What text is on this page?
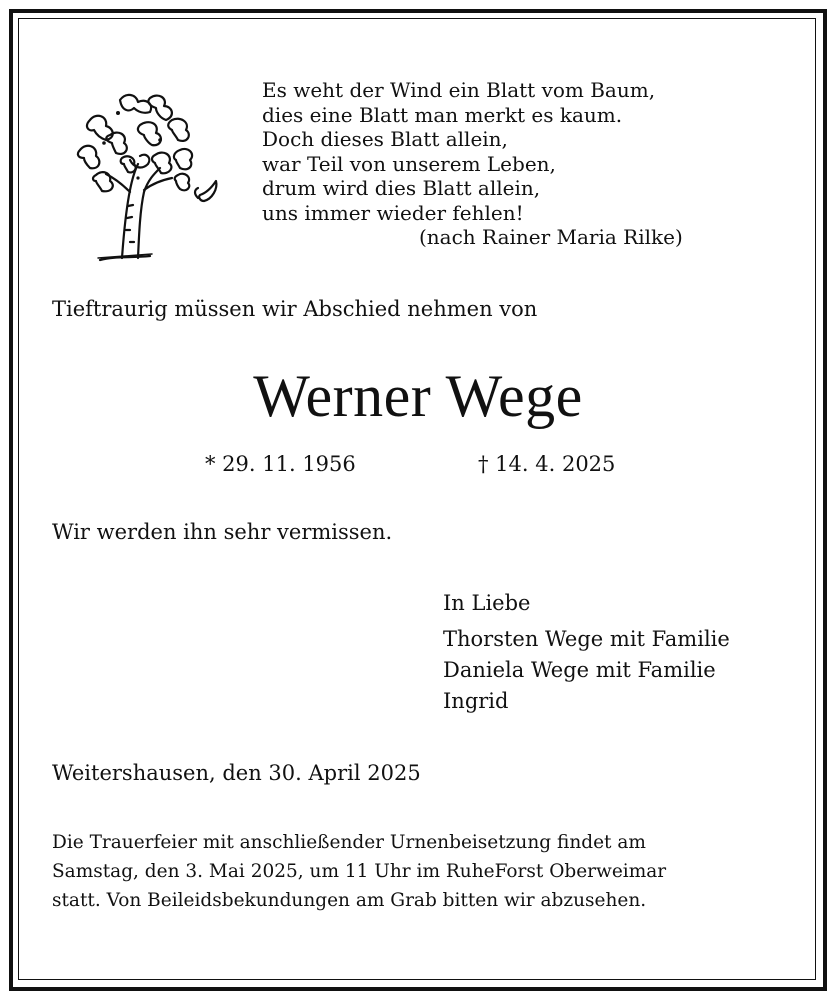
Es weht der Wind ein Blatt vom Baum,
dies eine Blatt man merkt es kaum.
Doch dieses Blatt allein,
war Teil von unserem Leben,
drum wird dies Blatt allein,
uns immer wieder fehlen!
(nach Rainer Maria Rilke)
Tieftraurig müssen wir Abschied nehmen von
Werner Wege
* 29. 11. 1956	† 14. 4. 2025
Wir werden ihn sehr vermissen.
In Liebe
Thorsten Wege mit Familie
Daniela Wege mit Familie
Ingrid
Weitershausen, den 30. April 2025
Die Trauerfeier mit anschließender Urnenbeisetzung findet am
Samstag, den 3. Mai 2025, um 11 Uhr im RuheForst Oberweimar
statt. Von Beileidsbekundungen am Grab bitten wir abzusehen.
